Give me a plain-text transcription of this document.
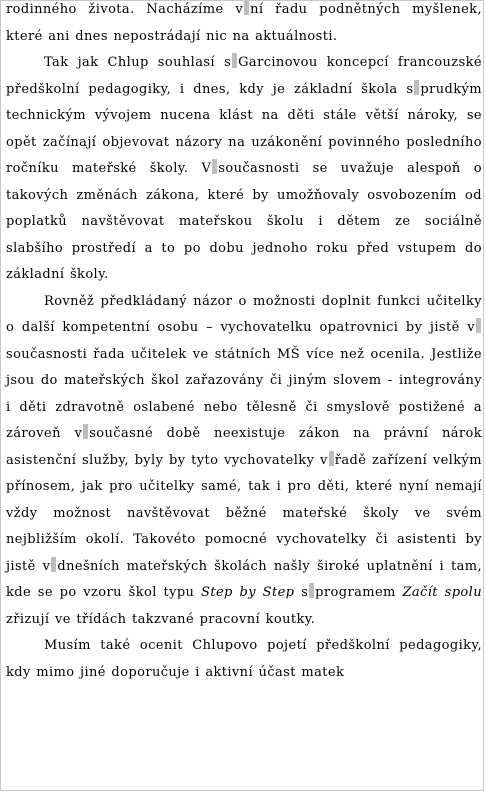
rodinného života. Nacházíme v ní řadu podnětných myšlenek, které ani dnes nepostrádají nic na aktuálnosti.

Tak jak Chlup souhlasí s Garcinovou koncepcí francouzské předškolní pedagogiky, i dnes, kdy je základní škola s prudkým technickým vývojem nucena klást na děti stále větší nároky, se opět začínají objevovat názory na uzákonění povinného posledního ročníku mateřské školy. V současnosti se uvažuje alespoň o takových změnách zákona, které by umožňovaly osvobozením od poplatků navštěvovat mateřskou školu i dětem ze sociálně slabšího prostředí a to po dobu jednoho roku před vstupem do základní školy.

Rovněž předkládaný názor o možnosti doplnit funkci učitelky o další kompetentní osobu – vychovatelku opatrovnici by jistě vsoučasnosti řada učitelek ve státních MŠ více než ocenila. Jestliže jsou do mateřských škol zařazovány či jiným slovem - integrovány i děti zdravotně oslabené nebo tělesně či smyslově postižené a zároveň v současné době neexistuje zákon na právní nárok asistenční služby, byly by tyto vychovatelky v řadě zařízení velkým přínosem, jak pro učitelky samé, tak i pro děti, které nyní nemají vždy možnost navštěvovat běžné mateřské školy ve svém nejbližším okolí. Takovéto pomocné vychovatelky či asistenti by jistě v dnešních mateřských školách našly široké uplatnění i tam, kde se po vzoru škol typu Step by Step s programem Začít spolu zřizují ve třídách takzvané pracovní koutky.

Musím také ocenit Chlupovo pojetí předškolní pedagogiky, kdy mimo jiné doporučuje i aktivní účast matek
